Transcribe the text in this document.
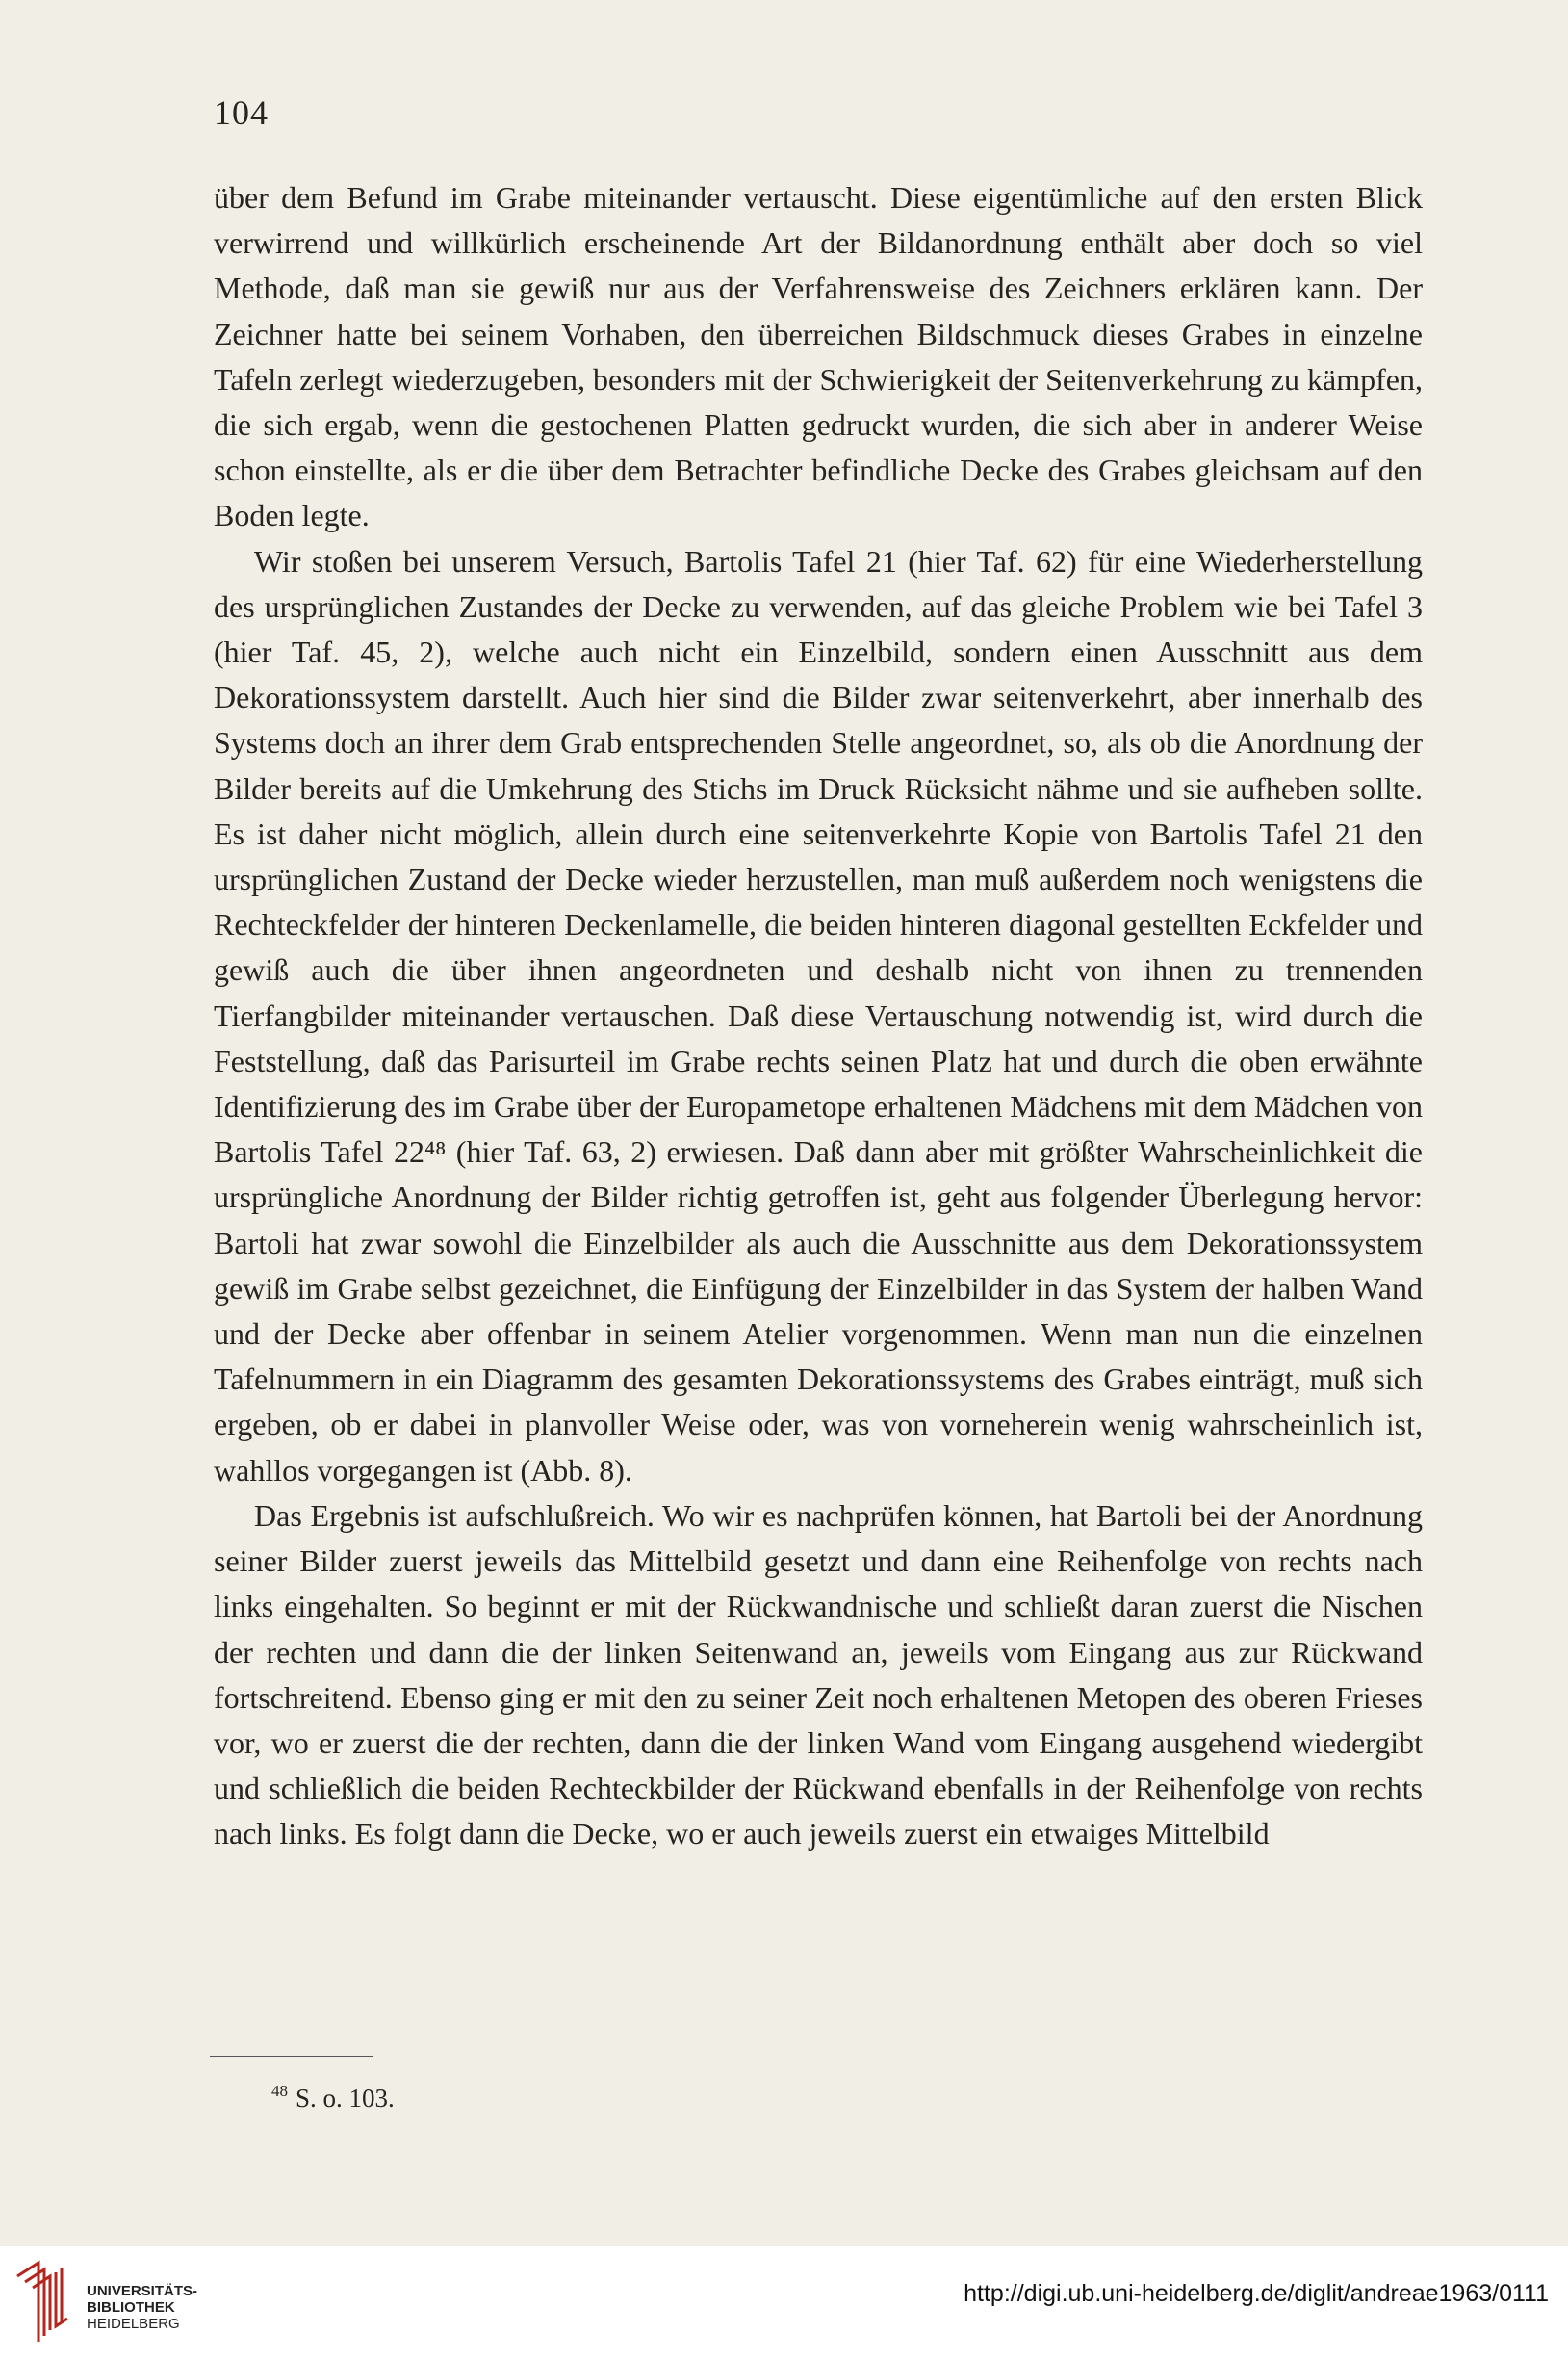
104

über dem Befund im Grabe miteinander vertauscht. Diese eigentümliche auf den ersten Blick verwirrend und willkürlich erscheinende Art der Bildanordnung enthält aber doch so viel Methode, daß man sie gewiß nur aus der Verfahrensweise des Zeichners erklären kann. Der Zeichner hatte bei seinem Vorhaben, den überreichen Bildschmuck dieses Grabes in einzelne Tafeln zerlegt wiederzugeben, besonders mit der Schwierigkeit der Seitenverkehrung zu kämpfen, die sich ergab, wenn die gestochenen Platten gedruckt wurden, die sich aber in anderer Weise schon einstellte, als er die über dem Betrachter befindliche Decke des Grabes gleichsam auf den Boden legte.

Wir stoßen bei unserem Versuch, Bartolis Tafel 21 (hier Taf. 62) für eine Wiederherstellung des ursprünglichen Zustandes der Decke zu verwenden, auf das gleiche Problem wie bei Tafel 3 (hier Taf. 45, 2), welche auch nicht ein Einzelbild, sondern einen Ausschnitt aus dem Dekorationssystem darstellt. Auch hier sind die Bilder zwar seitenverkehrt, aber innerhalb des Systems doch an ihrer dem Grab entsprechenden Stelle angeordnet, so, als ob die Anordnung der Bilder bereits auf die Umkehrung des Stichs im Druck Rücksicht nähme und sie aufheben sollte. Es ist daher nicht möglich, allein durch eine seitenverkehrte Kopie von Bartolis Tafel 21 den ursprünglichen Zustand der Decke wieder herzustellen, man muß außerdem noch wenigstens die Rechteckfelder der hinteren Deckenlamelle, die beiden hinteren diagonal gestellten Eckfelder und gewiß auch die über ihnen angeordneten und deshalb nicht von ihnen zu trennenden Tierfangbilder miteinander vertauschen. Daß diese Vertauschung notwendig ist, wird durch die Feststellung, daß das Parisurteil im Grabe rechts seinen Platz hat und durch die oben erwähnte Identifizierung des im Grabe über der Europametope erhaltenen Mädchens mit dem Mädchen von Bartolis Tafel 22⁴⁸ (hier Taf. 63, 2) erwiesen. Daß dann aber mit größter Wahrscheinlichkeit die ursprüngliche Anordnung der Bilder richtig getroffen ist, geht aus folgender Überlegung hervor: Bartoli hat zwar sowohl die Einzelbilder als auch die Ausschnitte aus dem Dekorationssystem gewiß im Grabe selbst gezeichnet, die Einfügung der Einzelbilder in das System der halben Wand und der Decke aber offenbar in seinem Atelier vorgenommen. Wenn man nun die einzelnen Tafelnummern in ein Diagramm des gesamten Dekorationssystems des Grabes einträgt, muß sich ergeben, ob er dabei in planvoller Weise oder, was von vorneherein wenig wahrscheinlich ist, wahllos vorgegangen ist (Abb. 8).

Das Ergebnis ist aufschlußreich. Wo wir es nachprüfen können, hat Bartoli bei der Anordnung seiner Bilder zuerst jeweils das Mittelbild gesetzt und dann eine Reihenfolge von rechts nach links eingehalten. So beginnt er mit der Rückwandnische und schließt daran zuerst die Nischen der rechten und dann die der linken Seitenwand an, jeweils vom Eingang aus zur Rückwand fortschreitend. Ebenso ging er mit den zu seiner Zeit noch erhaltenen Metopen des oberen Frieses vor, wo er zuerst die der rechten, dann die der linken Wand vom Eingang ausgehend wiedergibt und schließlich die beiden Rechteckbilder der Rückwand ebenfalls in der Reihenfolge von rechts nach links. Es folgt dann die Decke, wo er auch jeweils zuerst ein etwaiges Mittelbild

$^{48}$ S. o. 103.
UNIVERSITÄTS-
BIBLIOTHEK
HEIDELBERG
http://digi.ub.uni-heidelberg.de/diglit/andreae1963/0111
